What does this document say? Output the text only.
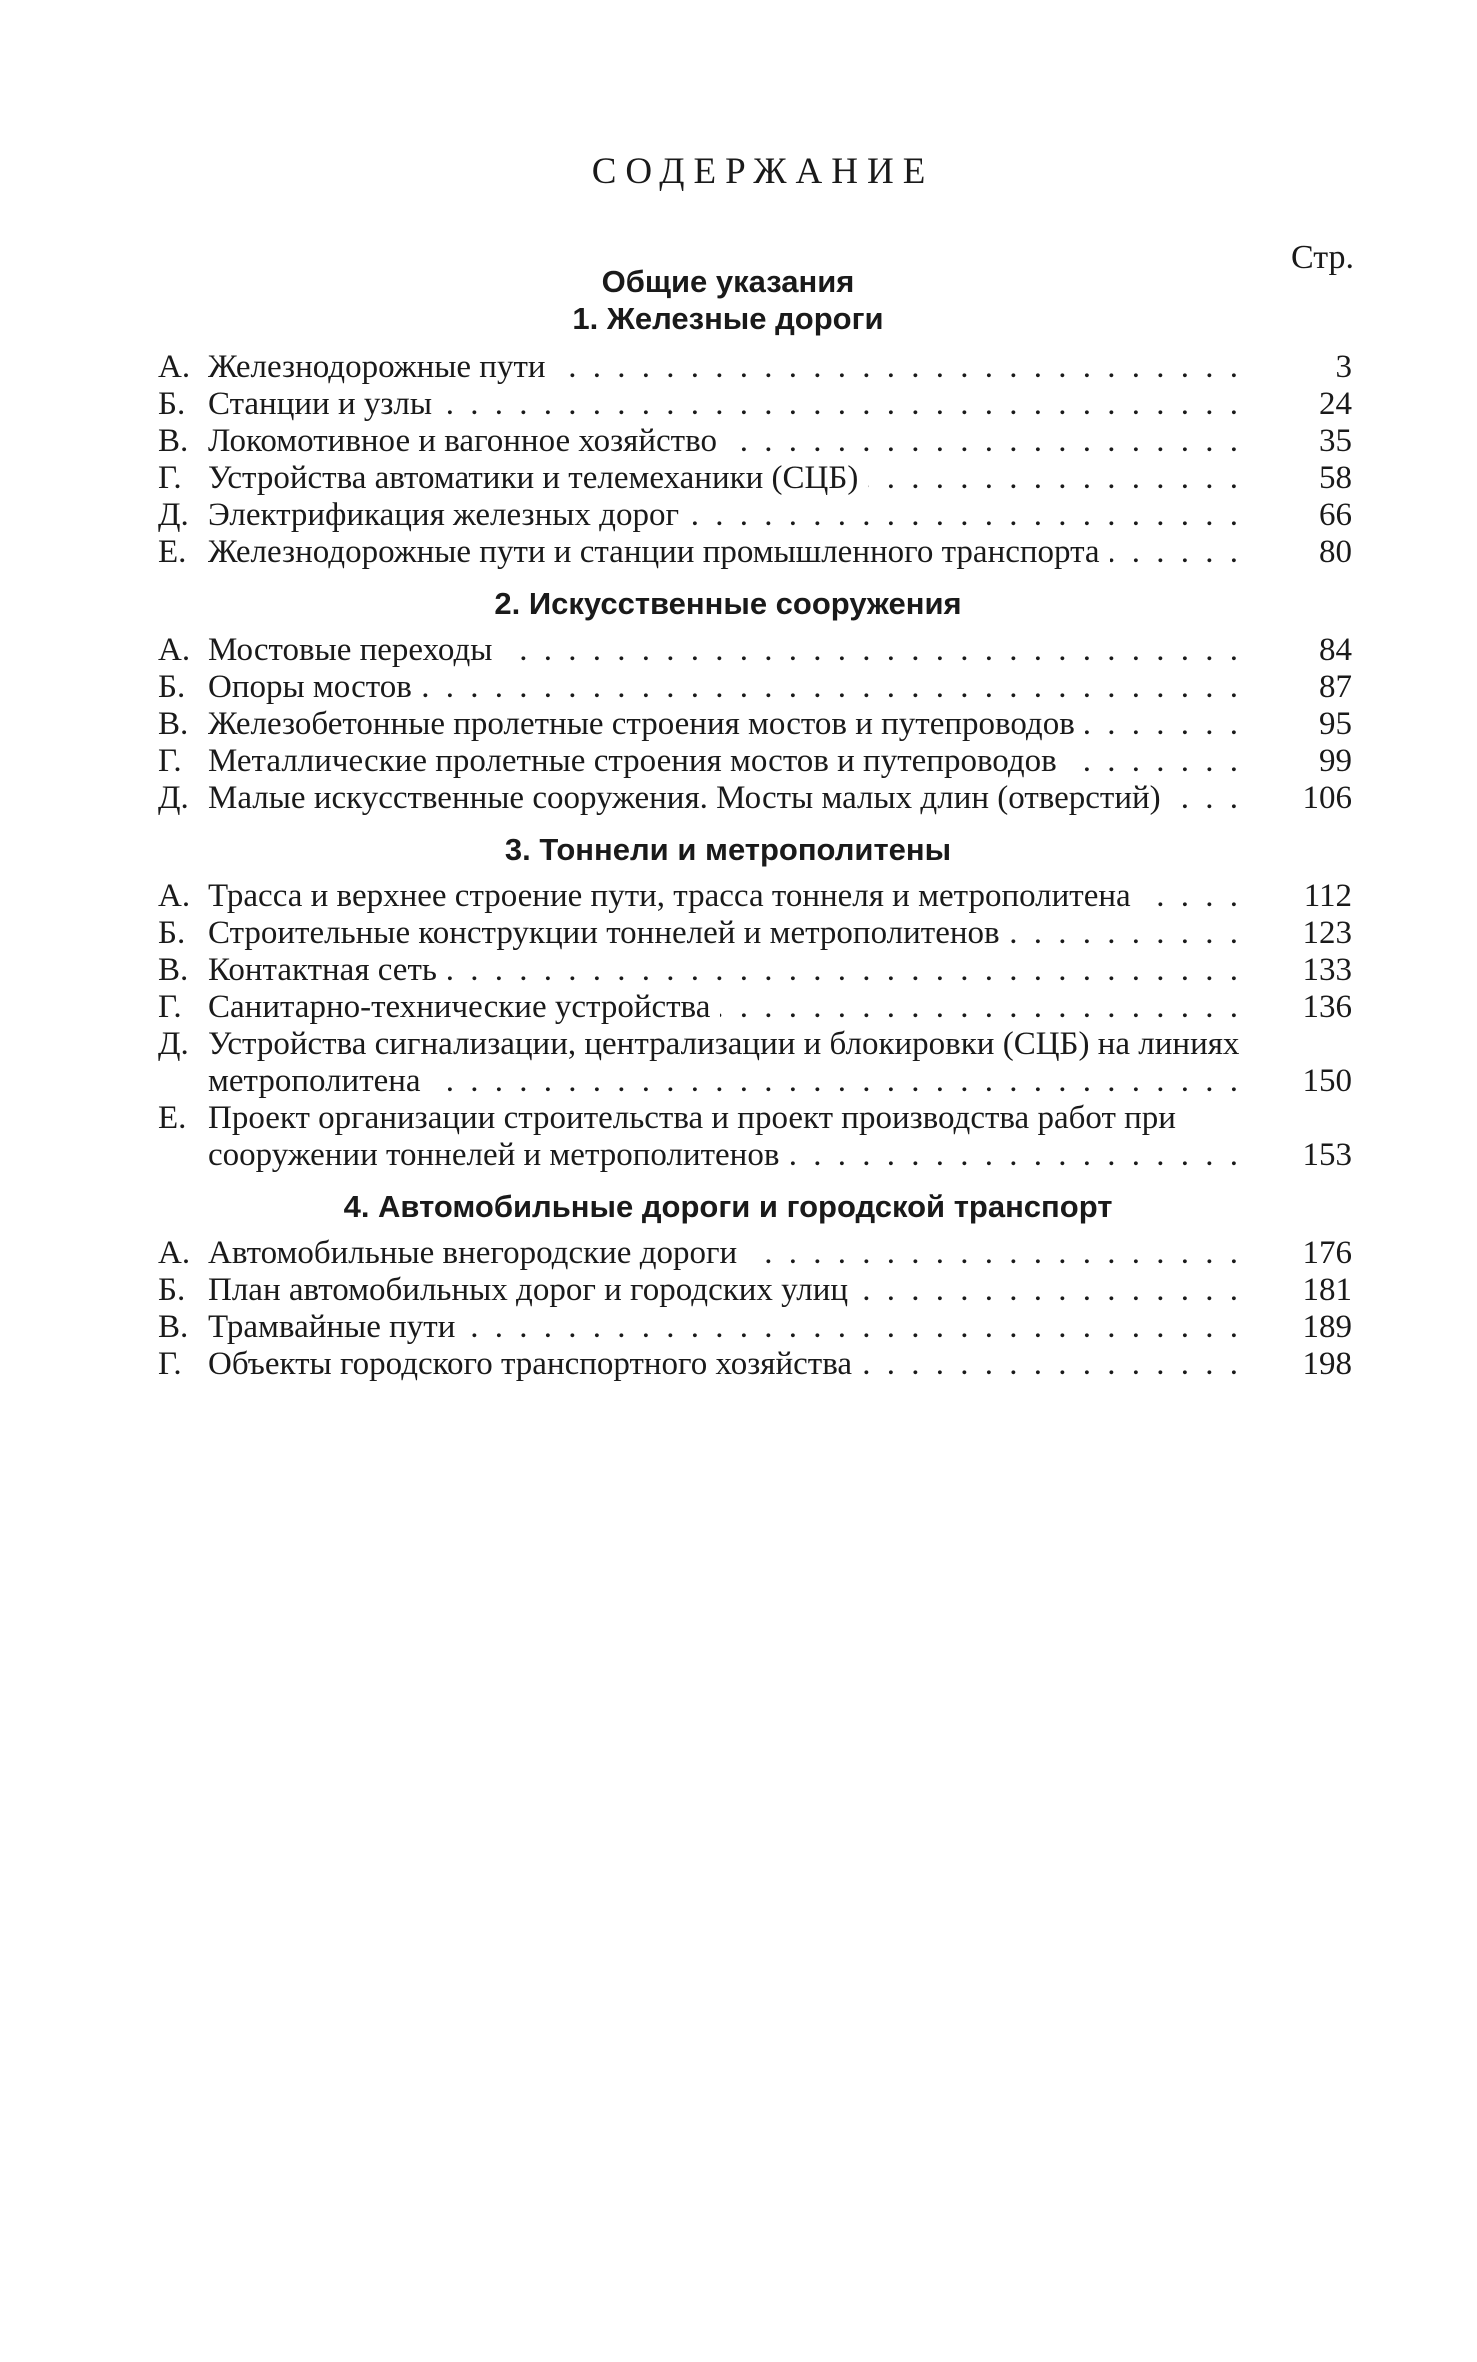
СОДЕРЖАНИЕ
Стр.
Общие указания
1. Железные дороги
А. Железнодорожные пути . . .	3
Б. Станции и узлы . . .	24
В. Локомотивное и вагонное хозяйство . . .	35
Г. Устройства автоматики и телемеханики (СЦБ) . . .	58
Д. Электрификация железных дорог . . .	66
Е. Железнодорожные пути и станции промышленного транспорта . . .	80
2. Искусственные сооружения
А. Мостовые переходы . . .	84
Б. Опоры мостов . . .	87
В. Железобетонные пролетные строения мостов и путепроводов . . .	95
Г. Металлические пролетные строения мостов и путепроводов . . .	99
Д. Малые искусственные сооружения. Мосты малых длин (отверстий) . . .	106
3. Тоннели и метрополитены
А. Трасса и верхнее строение пути, трасса тоннеля и метрополитена . . .	112
Б. Строительные конструкции тоннелей и метрополитенов . . .	123
В. Контактная сеть . . .	133
Г. Санитарно-технические устройства . . .	136
Д. Устройства сигнализации, централизации и блокировки (СЦБ) на линиях метрополитена . . .	150
Е. Проект организации строительства и проект производства работ при сооружении тоннелей и метрополитенов . . .	153
4. Автомобильные дороги и городской транспорт
А. Автомобильные внегородские дороги . . .	176
Б. План автомобильных дорог и городских улиц . . .	181
В. Трамвайные пути . . .	189
Г. Объекты городского транспортного хозяйства . . .	198
